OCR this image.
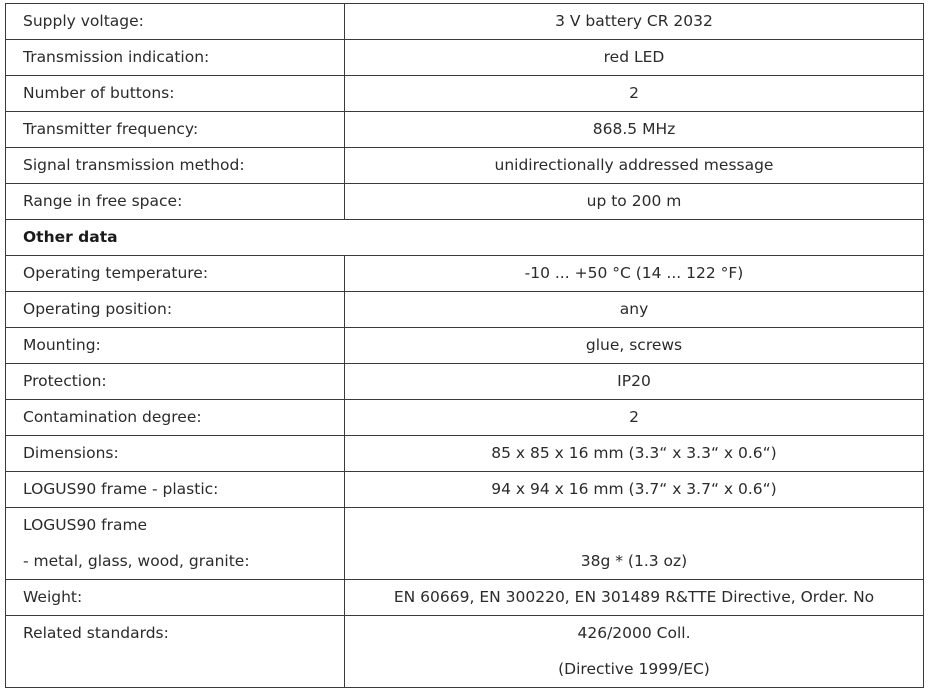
Supply voltage:	3 V battery CR 2032
Transmission indication:	red LED
Number of buttons:	2
Transmitter frequency:	868.5 MHz
Signal transmission method:	unidirectionally addressed message
Range in free space:	up to 200 m
Other data	
Operating temperature:	-10 ... +50 °C (14 ... 122 °F)
Operating position:	any
Mounting:	glue, screws
Protection:	IP20
Contamination degree:	2
Dimensions:	85 x 85 x 16 mm (3.3“ x 3.3“ x 0.6“)
LOGUS90 frame - plastic:	94 x 94 x 16 mm (3.7“ x 3.7“ x 0.6“)

LOGUS90 frame
- metal, glass, wood, granite:	38g * (1.3 oz)

Weight:	EN 60669, EN 300220, EN 301489 R&TTE Directive, Order. No

Related standards:	426/2000 Coll.
(Directive 1999/EC)
